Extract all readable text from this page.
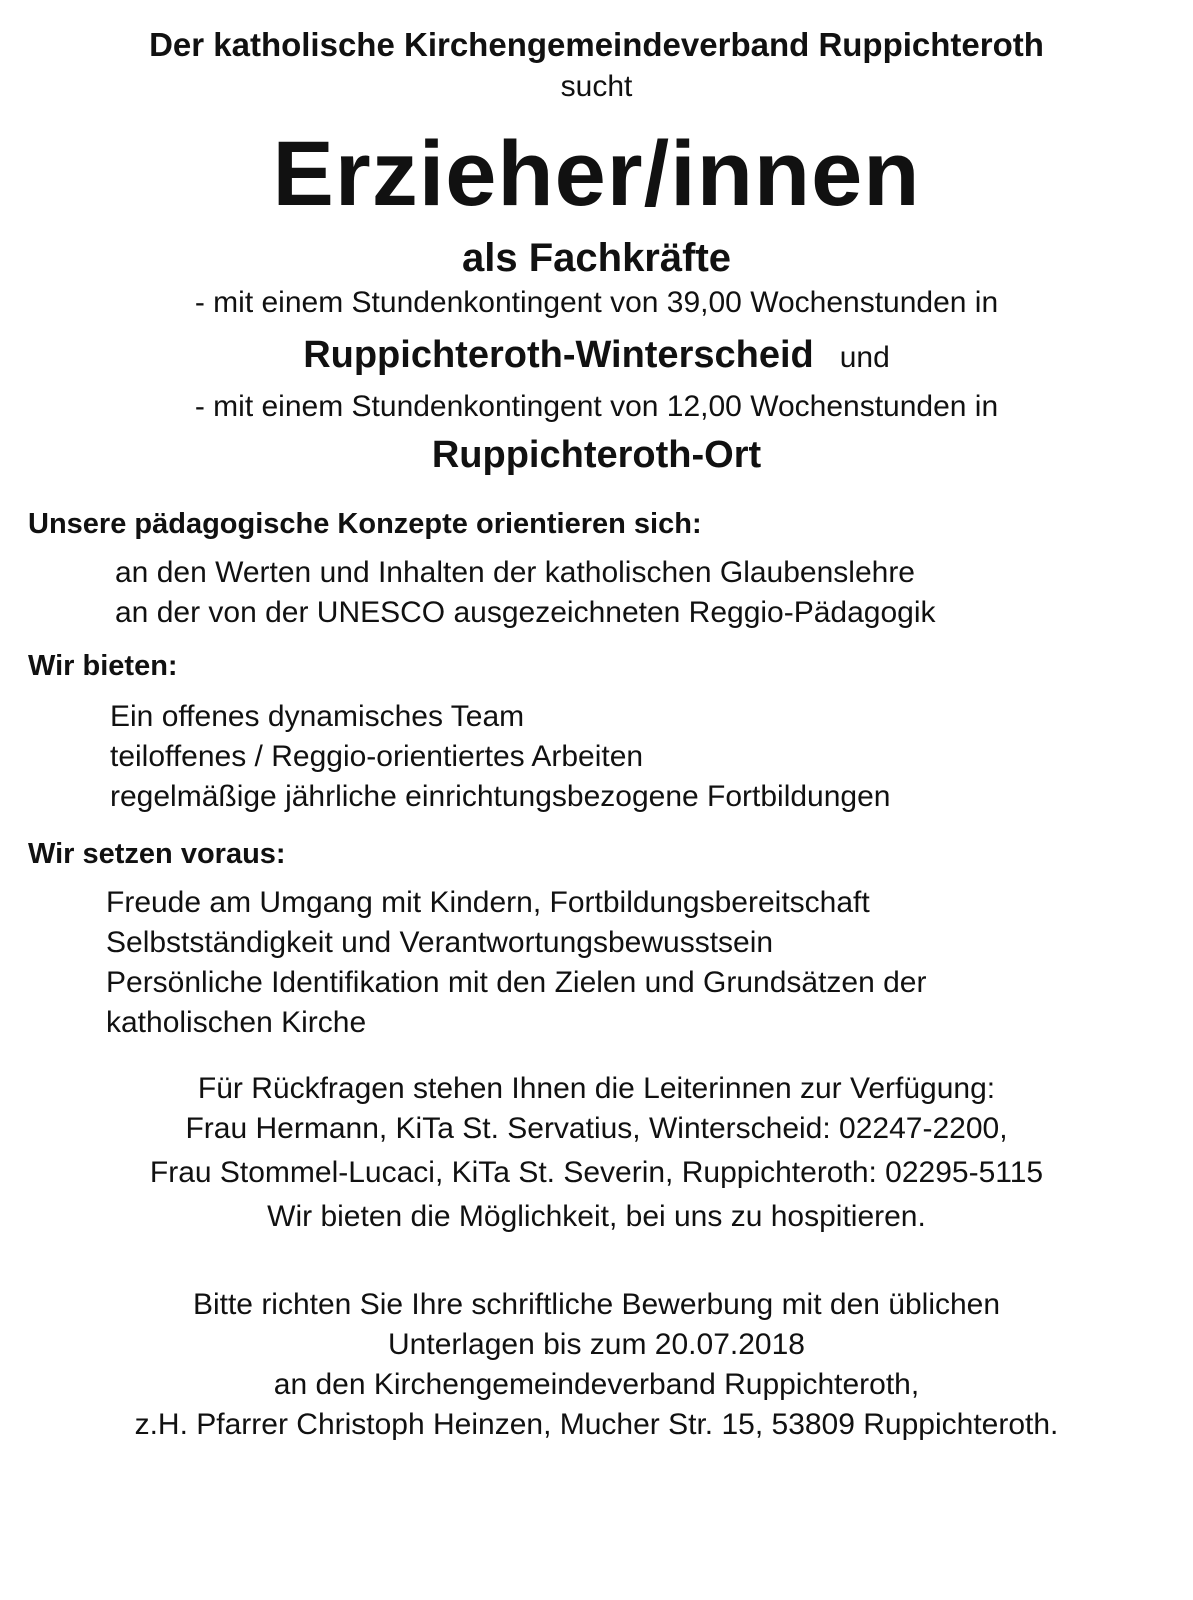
Der katholische Kirchengemeindeverband Ruppichteroth
sucht
Erzieher/innen
als Fachkräfte
- mit einem Stundenkontingent von 39,00 Wochenstunden in
Ruppichteroth-Winterscheid und
- mit einem Stundenkontingent von 12,00 Wochenstunden in
Ruppichteroth-Ort
Unsere pädagogische Konzepte orientieren sich:
an den Werten und Inhalten der katholischen Glaubenslehre
an der von der UNESCO ausgezeichneten Reggio-Pädagogik
Wir bieten:
Ein offenes dynamisches Team
teiloffenes / Reggio-orientiertes Arbeiten
regelmäßige jährliche einrichtungsbezogene Fortbildungen
Wir setzen voraus:
Freude am Umgang mit Kindern, Fortbildungsbereitschaft
Selbstständigkeit und Verantwortungsbewusstsein
Persönliche Identifikation mit den Zielen und Grundsätzen der
katholischen Kirche
Für Rückfragen stehen Ihnen die Leiterinnen zur Verfügung:
Frau Hermann, KiTa St. Servatius, Winterscheid: 02247-2200,
Frau Stommel-Lucaci, KiTa St. Severin, Ruppichteroth: 02295-5115
Wir bieten die Möglichkeit, bei uns zu hospitieren.
Bitte richten Sie Ihre schriftliche Bewerbung mit den üblichen
Unterlagen bis zum 20.07.2018
an den Kirchengemeindeverband Ruppichteroth,
z.H. Pfarrer Christoph Heinzen, Mucher Str. 15, 53809 Ruppichteroth.
